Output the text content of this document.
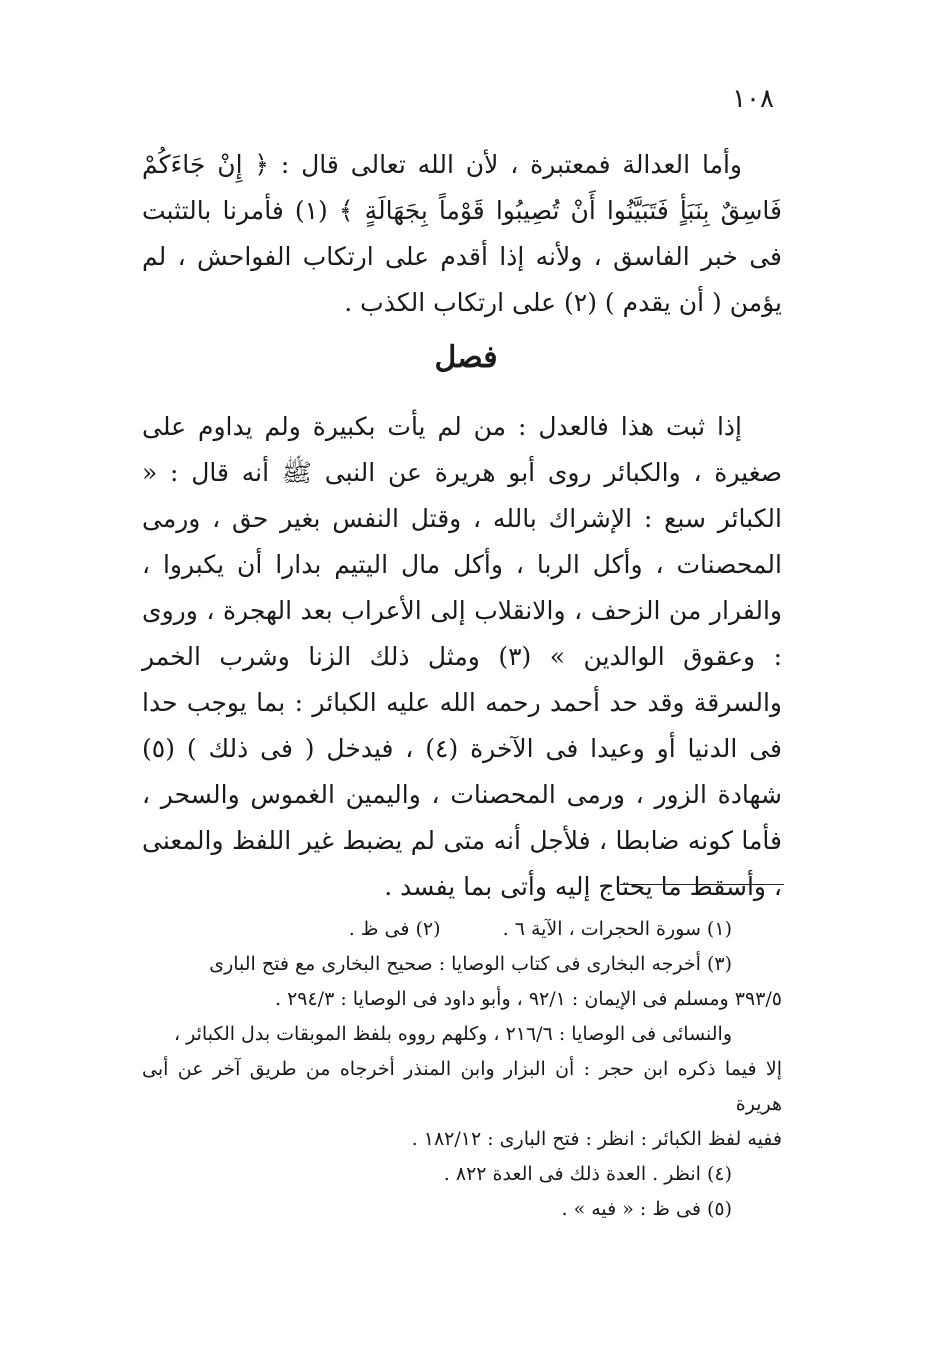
١٠٨

وأما العدالة فمعتبرة ، لأن الله تعالى قال : ﴿ إِنْ جَاءَكُمْ فَاسِقٌ بِنَبَأٍ فَتَبَيَّنُوا أَنْ تُصِيبُوا قَوْماً بِجَهَالَةٍ ﴾ (١) فأمرنا بالتثبت فى خبر الفاسق ، ولأنه إذا أقدم على ارتكاب الفواحش ، لم يؤمن ( أن يقدم ) (٢) على ارتكاب الكذب .

فصل

إذا ثبت هذا فالعدل : من لم يأت بكبيرة ولم يداوم على صغيرة ، والكبائر روى أبو هريرة عن النبى ﷺ أنه قال : « الكبائر سبع : الإشراك بالله ، وقتل النفس بغير حق ، ورمى المحصنات ، وأكل الربا ، وأكل مال اليتيم بدارا أن يكبروا ، والفرار من الزحف ، والانقلاب إلى الأعراب بعد الهجرة ، وروى : وعقوق الوالدين » (٣) ومثل ذلك الزنا وشرب الخمر والسرقة وقد حد أحمد رحمه الله عليه الكبائر : بما يوجب حدا فى الدنيا أو وعيدا فى الآخرة (٤) ، فيدخل ( فى ذلك ) (٥) شهادة الزور ، ورمى المحصنات ، واليمين الغموس والسحر ، فأما كونه ضابطا ، فلأجل أنه متى لم يضبط غير اللفظ والمعنى ، وأسقط ما يحتاج إليه وأتى بما يفسد .

(١) سورة الحجرات ، الآية ٦ .  (٢) فى ظ .

(٣) أخرجه البخارى فى كتاب الوصايا : صحيح البخارى مع فتح البارى

٣٩٣/٥ ومسلم فى الإيمان : ٩٢/١ ، وأبو داود فى الوصايا : ٢٩٤/٣ .

والنسائى فى الوصايا : ٢١٦/٦ ، وكلهم رووه بلفظ الموبقات بدل الكبائر ،

إلا فيما ذكره ابن حجر : أن البزار وابن المنذر أخرجاه من طريق آخر عن أبى هريرة

ففيه لفظ الكبائر : انظر : فتح البارى : ١٨٢/١٢ .

(٤) انظر . العدة ذلك فى العدة ٨٢٢ .

(٥) فى ظ : « فيه » .
